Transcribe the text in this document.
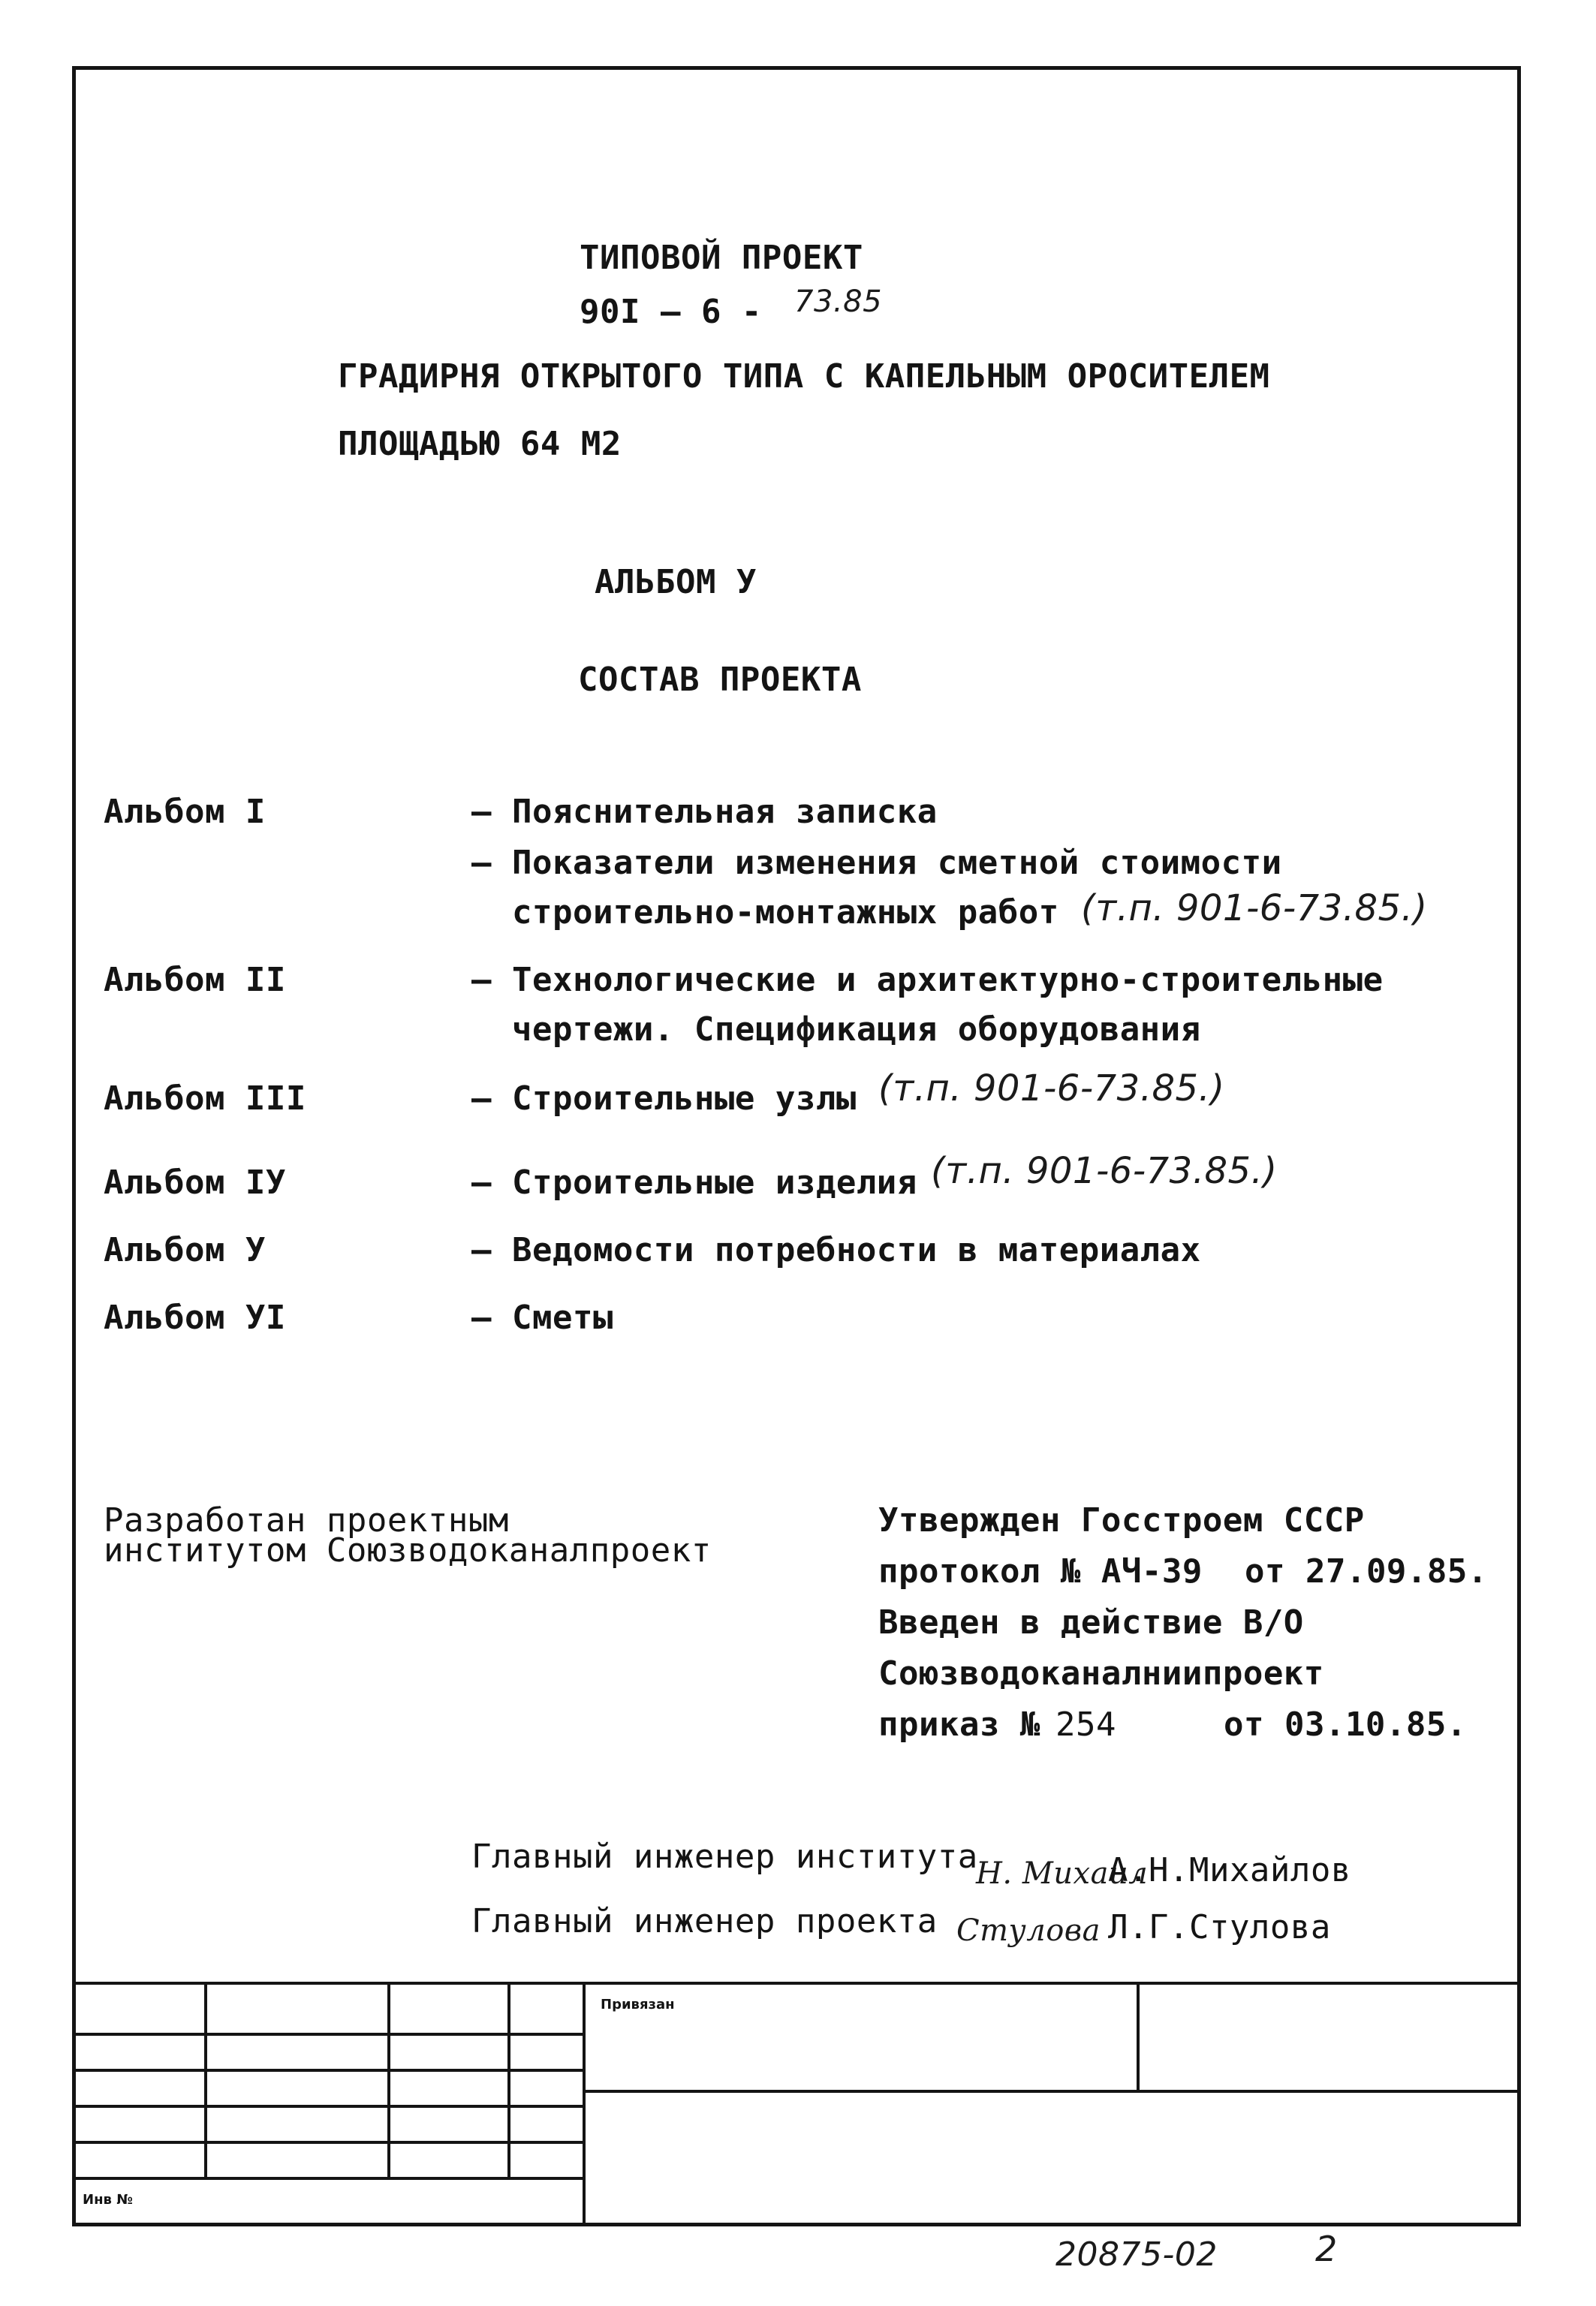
ТИПОВОЙ ПРОЕКТ
90I – 6 - 73.85
ГРАДИРНЯ ОТКРЫТОГО ТИПА С КАПЕЛЬНЫМ ОРОСИТЕЛЕМ
ПЛОЩАДЬЮ 64 М2
АЛЬБОМ У
СОСТАВ ПРОЕКТА
Альбом I	– Пояснительная записка
– Показатели изменения сметной стоимости
строительно-монтажных работ (т.п. 901-6-73.85.)
Альбом II	– Технологические и архитектурно-строительные
чертежи. Спецификация оборудования
Альбом III	– Строительные узлы (т.п. 901-6-73.85.)
Альбом IУ	– Строительные изделия (т.п. 901-6-73.85.)
Альбом У	– Ведомости потребности в материалах
Альбом УI	– Сметы
Разработан проектным
институтом Союзводоканалпроект
Утвержден Госстроем СССР
протокол № АЧ-39 от 27.09.85.
Введен в действие В/О
Союзводоканалниипроект
приказ № 254	от 03.10.85.
Главный инженер института
Н. Михаил
А.Н.Михайлов
Главный инженер проекта Стулова Л.Г.Стулова
Привязан
Инв №
20875-02	2
